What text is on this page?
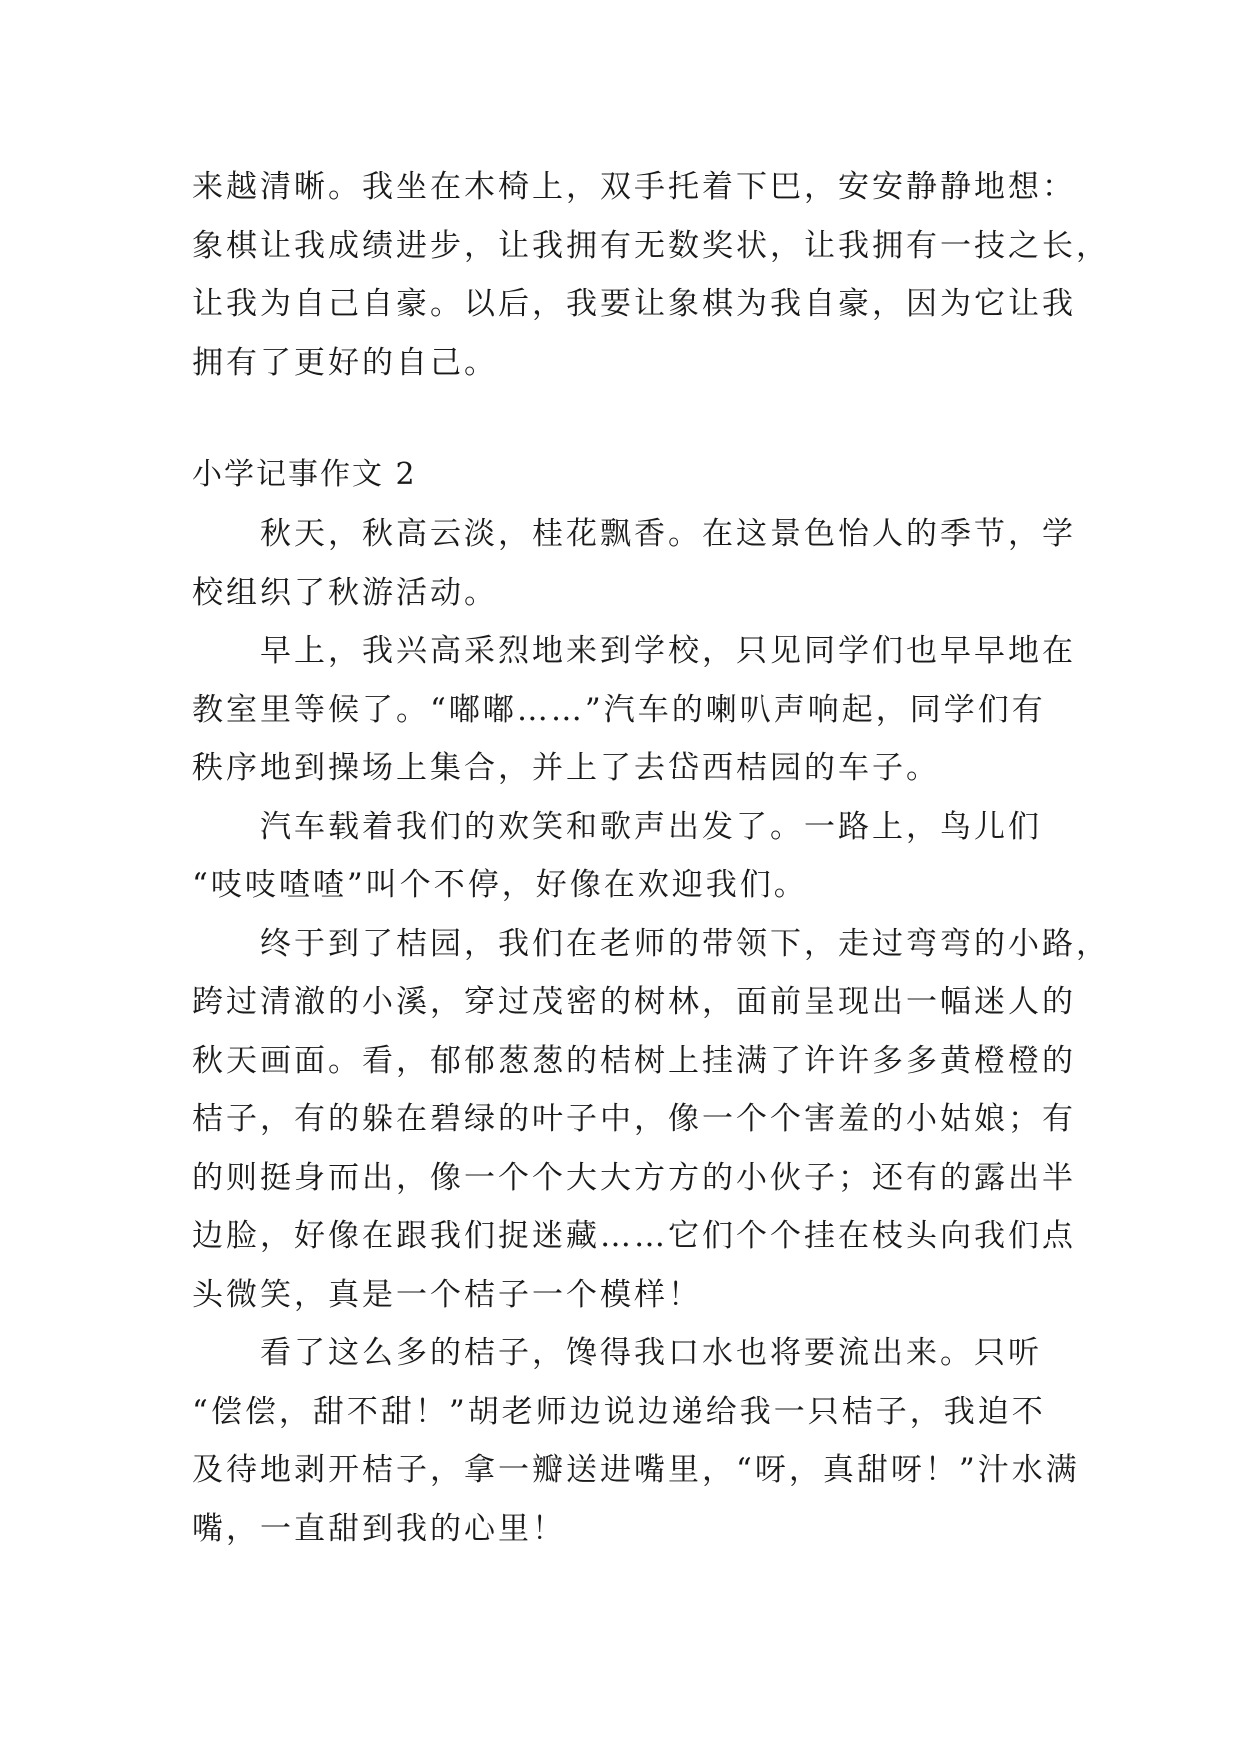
来越清晰。我坐在木椅上，双手托着下巴，安安静静地想：
象棋让我成绩进步，让我拥有无数奖状，让我拥有一技之长，
让我为自己自豪。以后，我要让象棋为我自豪，因为它让我
拥有了更好的自己。
小学记事作文 2
秋天，秋高云淡，桂花飘香。在这景色怡人的季节，学
校组织了秋游活动。
早上，我兴高采烈地来到学校，只见同学们也早早地在
教室里等候了。“嘟嘟……”汽车的喇叭声响起，同学们有
秩序地到操场上集合，并上了去岱西桔园的车子。
汽车载着我们的欢笑和歌声出发了。一路上，鸟儿们
“吱吱喳喳”叫个不停，好像在欢迎我们。
终于到了桔园，我们在老师的带领下，走过弯弯的小路，
跨过清澈的小溪，穿过茂密的树林，面前呈现出一幅迷人的
秋天画面。看，郁郁葱葱的桔树上挂满了许许多多黄橙橙的
桔子，有的躲在碧绿的叶子中，像一个个害羞的小姑娘；有
的则挺身而出，像一个个大大方方的小伙子；还有的露出半
边脸，好像在跟我们捉迷藏……它们个个挂在枝头向我们点
头微笑，真是一个桔子一个模样！
看了这么多的桔子，馋得我口水也将要流出来。只听
“偿偿，甜不甜！”胡老师边说边递给我一只桔子，我迫不
及待地剥开桔子，拿一瓣送进嘴里，“呀，真甜呀！”汁水满
嘴，一直甜到我的心里！
